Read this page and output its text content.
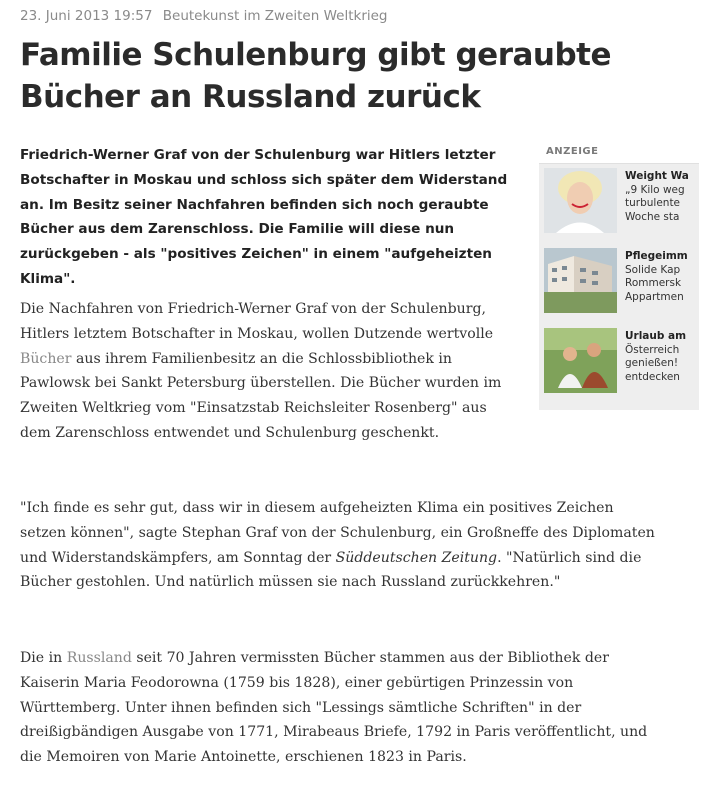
23. Juni 2013 19:57 Beutekunst im Zweiten Weltkrieg
Familie Schulenburg gibt geraubte
Bücher an Russland zurück

Friedrich-Werner Graf von der Schulenburg war Hitlers letzter Botschafter in Moskau und schloss sich später dem Widerstand an. Im Besitz seiner Nachfahren befinden sich noch geraubte Bücher aus dem Zarenschloss. Die Familie will diese nun zurückgeben - als "positives Zeichen" in einem "aufgeheizten Klima".

Die Nachfahren von Friedrich-Werner Graf von der Schulenburg, Hitlers letztem Botschafter in Moskau, wollen Dutzende wertvolle Bücher aus ihrem Familienbesitz an die Schlossbibliothek in Pawlowsk bei Sankt Petersburg überstellen. Die Bücher wurden im Zweiten Weltkrieg vom "Einsatzstab Reichsleiter Rosenberg" aus dem Zarenschloss entwendet und Schulenburg geschenkt.

"Ich finde es sehr gut, dass wir in diesem aufgeheizten Klima ein positives Zeichen setzen können", sagte Stephan Graf von der Schulenburg, ein Großneffe des Diplomaten und Widerstandskämpfers, am Sonntag der Süddeutschen Zeitung. "Natürlich sind die Bücher gestohlen. Und natürlich müssen sie nach Russland zurückkehren."

Die in Russland seit 70 Jahren vermissten Bücher stammen aus der Bibliothek der Kaiserin Maria Feodorowna (1759 bis 1828), einer gebürtigen Prinzessin von Württemberg. Unter ihnen befinden sich "Lessings sämtliche Schriften" in der dreißigbändigen Ausgabe von 1771, Mirabeaus Briefe, 1792 in Paris veröffentlicht, und die Memoiren von Marie Antoinette, erschienen 1823 in Paris.

ANZEIGE
Weight Wa
„9 Kilo weg
turbulente
Woche sta
Pflegeimm
Solide Kap
Rommersk
Appartmen
Urlaub am
Österreich
genießen!
entdecken
